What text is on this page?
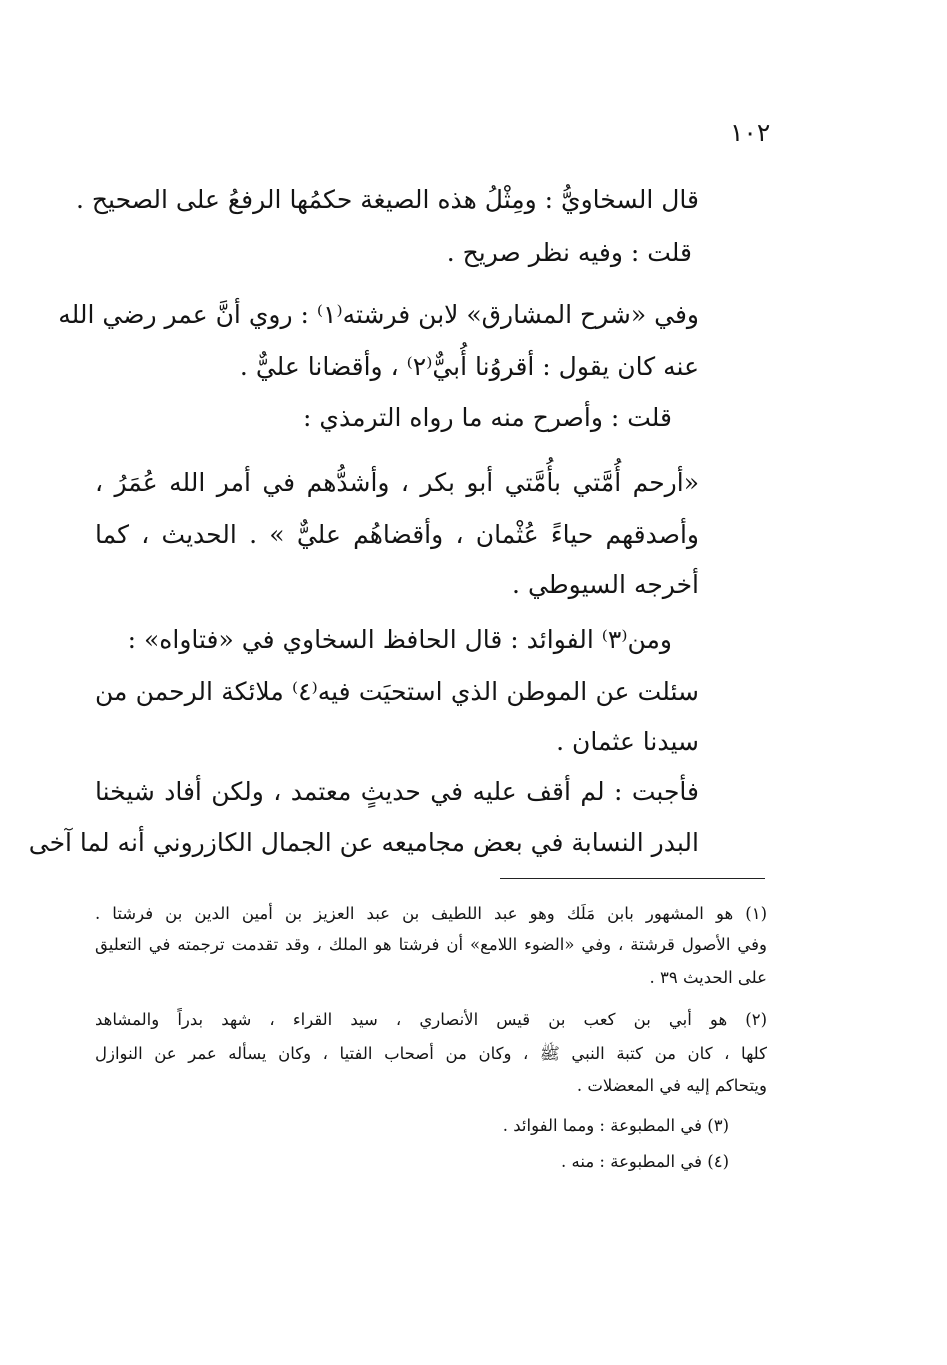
١٠٢
قال السخاويُّ : ومِثْلُ هذه الصيغة حكمُها الرفعُ على الصحيح .
قلت : وفيه نظر صريح .
وفي «شرح المشارق» لابن فرشته⁽١⁾ : روي أنَّ عمر رضي الله
عنه كان يقول : أقروُنا أُبيٌّ⁽٢⁾ ، وأقضانا عليٌّ .
قلت : وأصرح منه ما رواه الترمذي :
«أرحم أُمَّتي بأُمَّتي أبو بكر ، وأشدُّهم في أمر الله عُمَرُ ،
وأصدقهم حياءً عُثْمان ، وأقضاهُم عليٌّ » . الحديث ، كما
أخرجه السيوطي .
ومن⁽٣⁾ الفوائد : قال الحافظ السخاوي في «فتاواه» :
سئلت عن الموطن الذي استحيَت فيه⁽٤⁾ ملائكة الرحمن من
سيدنا عثمان .
فأجبت : لم أقف عليه في حديثٍ معتمد ، ولكن أفاد شيخنا
البدر النسابة في بعض مجاميعه عن الجمال الكازروني أنه لما آخى
(١) هو المشهور بابن مَلَك وهو عبد اللطيف بن عبد العزيز بن أمين الدين بن فرشتا .
وفي الأصول قرشتة ، وفي «الضوء اللامع» أن فرشتا هو الملك ، وقد تقدمت ترجمته في التعليق
على الحديث ٣٩ .
(٢) هو أبي بن كعب بن قيس الأنصاري ، سيد القراء ، شهد بدراً والمشاهد
كلها ، كان من كتبة النبي ﷺ ، وكان من أصحاب الفتيا ، وكان يسأله عمر عن النوازل
ويتحاكم إليه في المعضلات .
(٣) في المطبوعة : ومما الفوائد .
(٤) في المطبوعة : منه .
